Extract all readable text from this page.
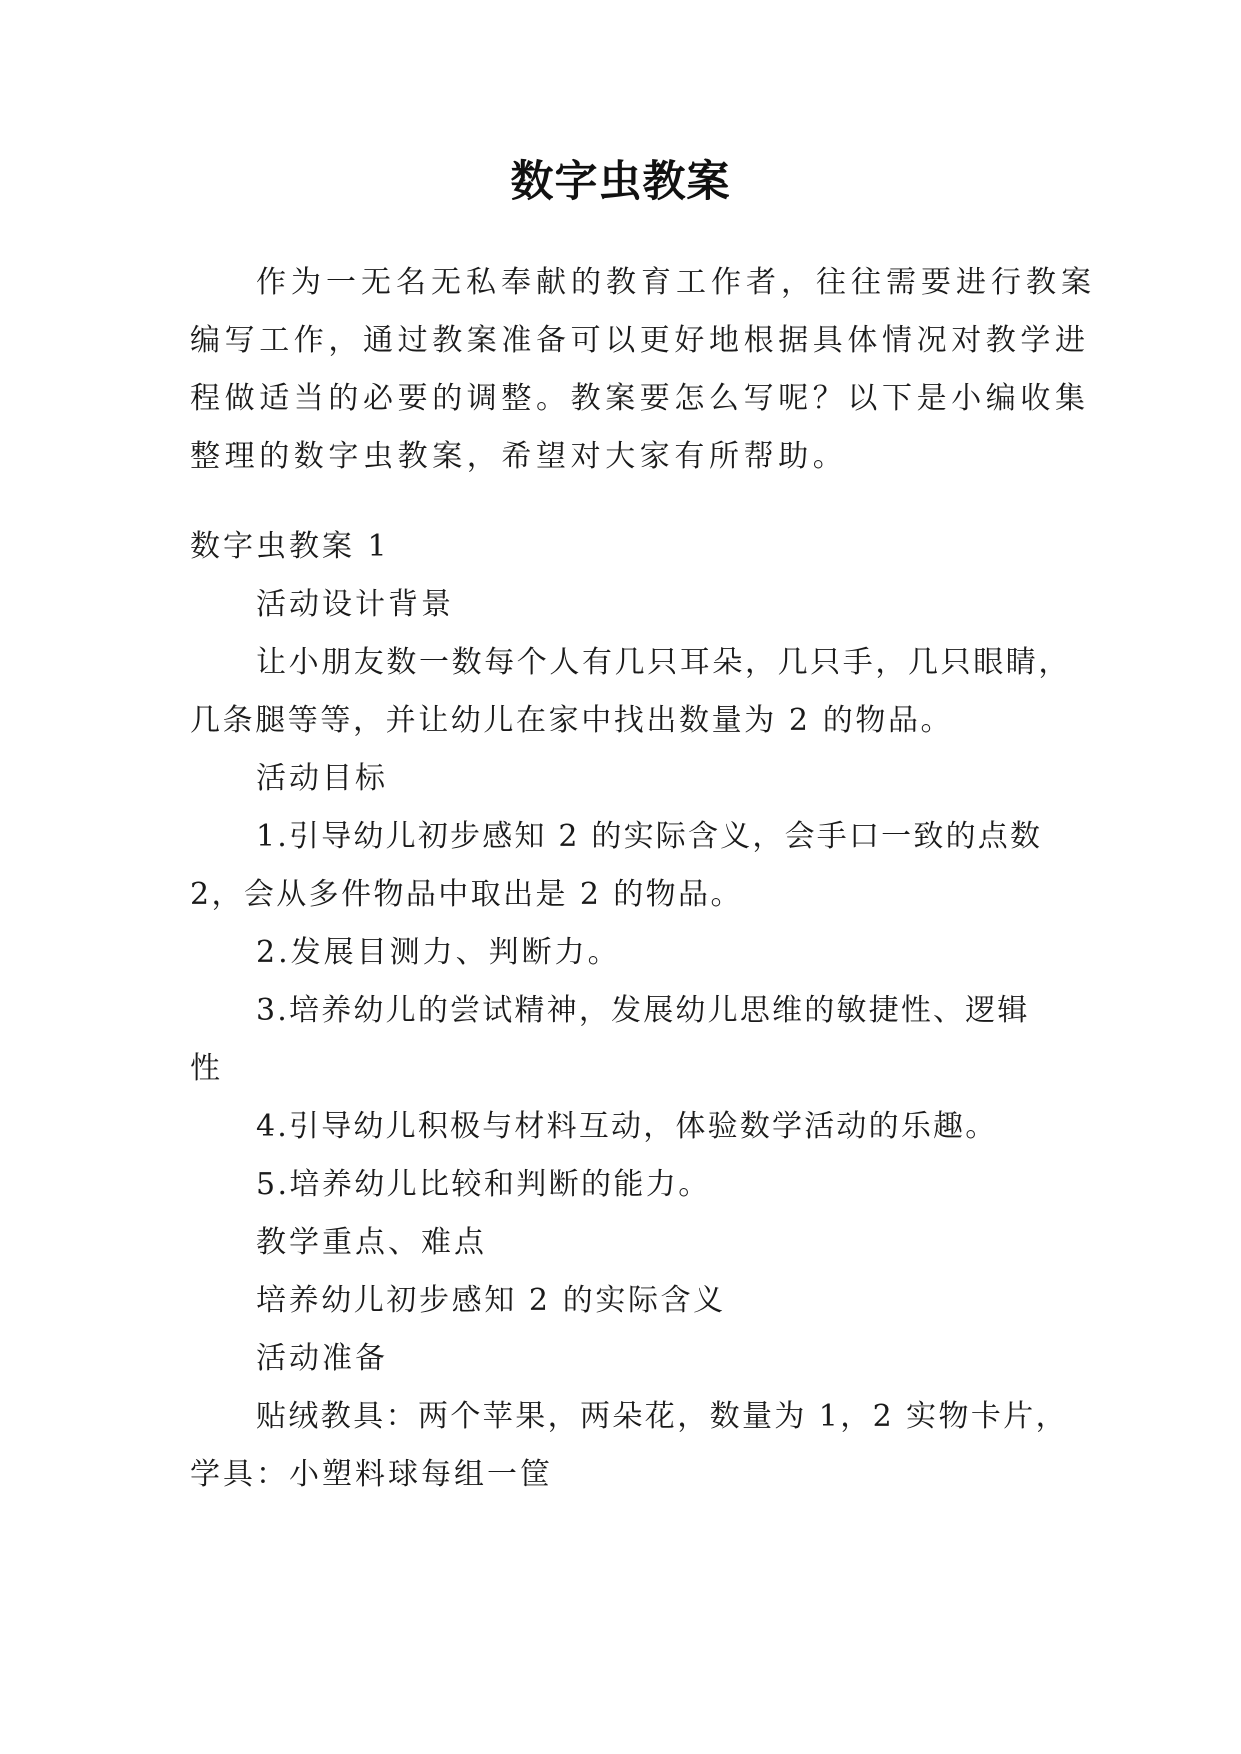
数字虫教案

作为一无名无私奉献的教育工作者，往往需要进行教案

编写工作，通过教案准备可以更好地根据具体情况对教学进

程做适当的必要的调整。教案要怎么写呢？以下是小编收集

整理的数字虫教案，希望对大家有所帮助。

数字虫教案 1

活动设计背景

让小朋友数一数每个人有几只耳朵，几只手，几只眼睛，

几条腿等等，并让幼儿在家中找出数量为 2 的物品。

活动目标

1.引导幼儿初步感知 2 的实际含义，会手口一致的点数

2，会从多件物品中取出是 2 的物品。

2.发展目测力、判断力。

3.培养幼儿的尝试精神，发展幼儿思维的敏捷性、逻辑

性

4.引导幼儿积极与材料互动，体验数学活动的乐趣。

5.培养幼儿比较和判断的能力。

教学重点、难点

培养幼儿初步感知 2 的实际含义

活动准备

贴绒教具：两个苹果，两朵花，数量为 1，2 实物卡片，

学具：小塑料球每组一筐
